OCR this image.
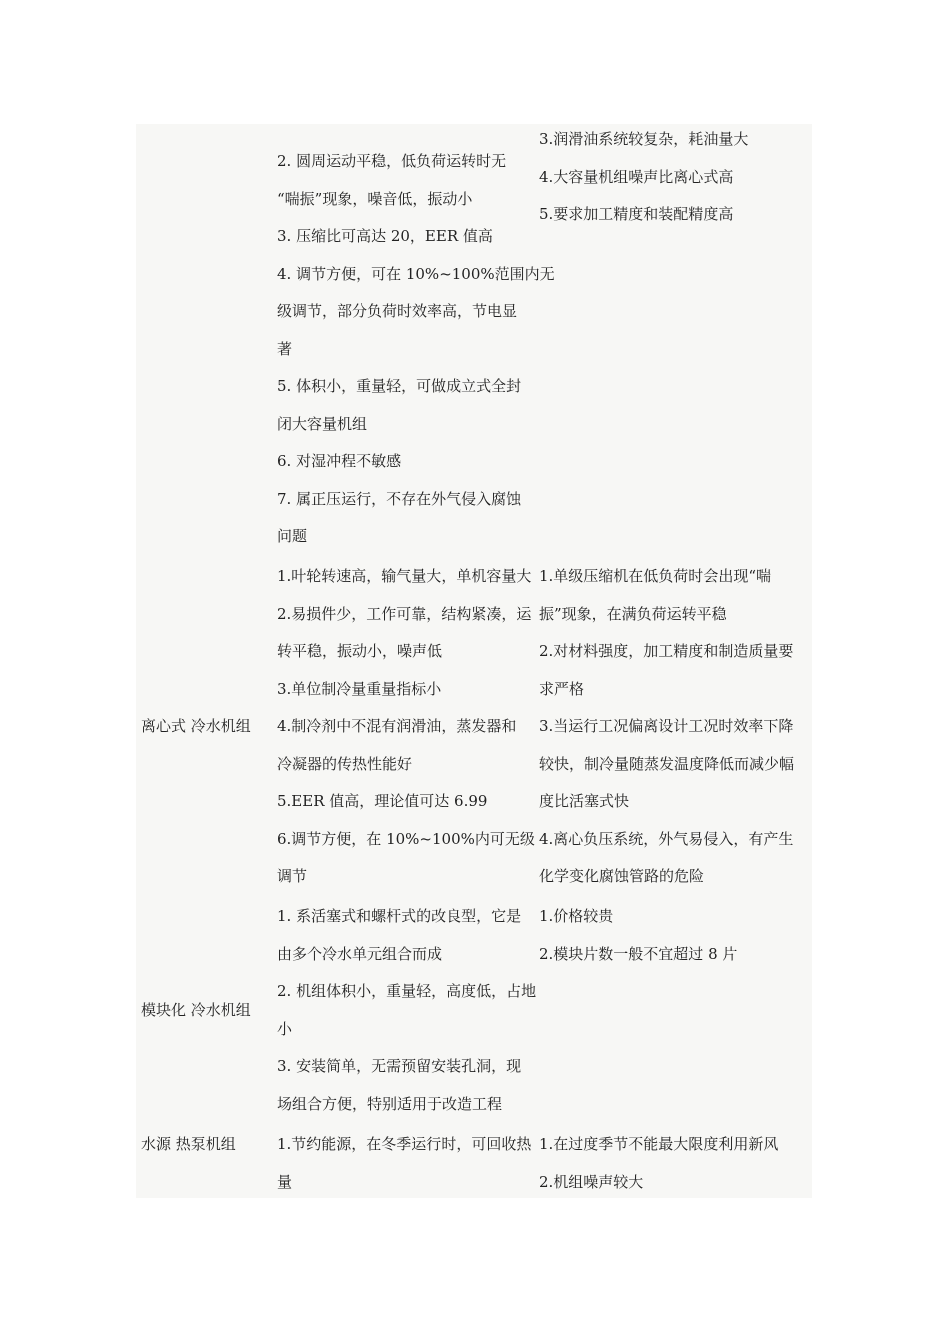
2. 圆周运动平稳，低负荷运转时无
“喘振”现象，噪音低，振动小
3. 压缩比可高达 20，EER 值高
4. 调节方便，可在 10%~100%范围内无
级调节，部分负荷时效率高，节电显
著
5. 体积小，重量轻，可做成立式全封
闭大容量机组
6. 对湿冲程不敏感
7. 属正压运行，不存在外气侵入腐蚀
问题
3.润滑油系统较复杂，耗油量大
4.大容量机组噪声比离心式高
5.要求加工精度和装配精度高
离心式 冷水机组
1.叶轮转速高，输气量大，单机容量大
2.易损件少，工作可靠，结构紧凑，运
转平稳，振动小，噪声低
3.单位制冷量重量指标小
4.制冷剂中不混有润滑油，蒸发器和
冷凝器的传热性能好
5.EER 值高，理论值可达 6.99
6.调节方便，在 10%~100%内可无级
调节
1.单级压缩机在低负荷时会出现“喘
振”现象，在满负荷运转平稳
2.对材料强度，加工精度和制造质量要
求严格
3.当运行工况偏离设计工况时效率下降
较快，制冷量随蒸发温度降低而减少幅
度比活塞式快
4.离心负压系统，外气易侵入，有产生
化学变化腐蚀管路的危险
模块化 冷水机组
1. 系活塞式和螺杆式的改良型，它是
由多个冷水单元组合而成
2. 机组体积小，重量轻，高度低，占地
小
3. 安装简单，无需预留安装孔洞，现
场组合方便，特别适用于改造工程
1.价格较贵
2.模块片数一般不宜超过 8 片
水源 热泵机组	1.节约能源，在冬季运行时，可回收热
量
1.在过度季节不能最大限度利用新风
2.机组噪声较大
